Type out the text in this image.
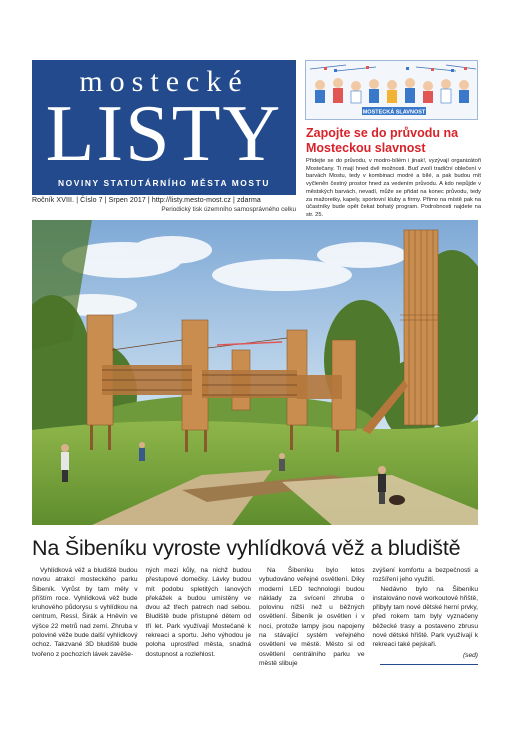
mostecké
LISTY
NOVINY STATUTÁRNÍHO MĚSTA MOSTU
Ročník XVIII. | Číslo 7 | Srpen 2017 | http://listy.mesto-most.cz | zdarma
Periodický tisk územního samosprávného celku
MOSTECKÁ SLAVNOST
Zapojte se do průvodu na Mosteckou slavnost
Přidejte se do průvodu, v modro-bílém i jinak!, vyzývají organizátoři Mostečany. Ti mají hned dvě možnosti. Buď zvolí tradiční oblečení v barvách Mostu, tedy v kombinaci modré a bílé, a pak budou mít vyčleněn čestný prostor hned za vedením průvodu. A kdo nepůjde v městských barvách, nevadí, může se přidat na konec průvodu, tedy za mažoretky, kapely, sportovní kluby a firmy. Přímo na místě pak na účastníky bude opět čekat bohatý program. Podrobnosti najdete na str. 25.
Na Šibeníku vyroste vyhlídková věž a bludiště

Vyhlídková věž a bludiště budou novou atrakcí mosteckého parku Šibeník. Vyrůst by tam měly v příštím roce. Vyhlídková věž bude kruhového půdorysu s vyhlídkou na centrum, Ressl, Širák a Hněvín ve výšce 22 metrů nad zemí. Zhruba v polovině věže bude další vyhlídkový ochoz. Takzvané 3D bludiště bude tvořeno z pochozích lávek zavěše-

ných mezi kůly, na nichž budou přestupové domečky. Lávky budou mít podobu spletitých lanových překážek a budou umístěny ve dvou až třech patrech nad sebou. Bludiště bude přístupné dětem od tří let. Park využívají Mostečané k rekreaci a sportu. Jeho výhodou je poloha uprostřed města, snadná dostupnost a rozlehlost.

Na Šibeníku bylo letos vybudováno veřejné osvětlení. Díky moderní LED technologii budou náklady za svícení zhruba o polovinu nižší než u běžných osvětlení. Šibeník je osvětlen i v noci, protože lampy jsou napojeny na stávající systém veřejného osvětlení ve městě. Město si od osvětlení centrálního parku ve městě slibuje

zvýšení komfortu a bezpečnosti a rozšíření jeho využití.

Nedávno bylo na Šibeníku instalováno nové workoutové hřiště, přibyly tam nové dětské herní prvky, před rokem tam byly vyznačeny běžecké trasy a postaveno zbrusu nové dětské hřiště. Park využívají k rekreaci také pejskaři.

(sed)
